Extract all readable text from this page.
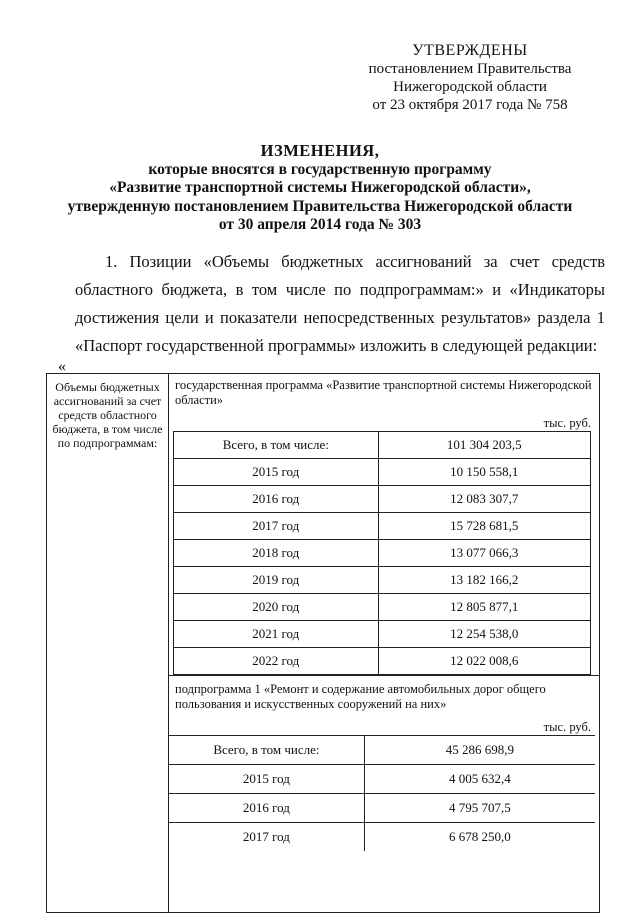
УТВЕРЖДЕНЫ
постановлением Правительства
Нижегородской области
от 23 октября 2017 года № 758
ИЗМЕНЕНИЯ,
которые вносятся в государственную программу
«Развитие транспортной системы Нижегородской области»,
утвержденную постановлением Правительства Нижегородской области
от 30 апреля 2014 года № 303

1. Позиции «Объемы бюджетных ассигнований за счет средств областного бюджета, в том числе по подпрограммам:» и «Индикаторы достижения цели и показатели непосредственных результатов» раздела 1 «Паспорт государственной программы» изложить в следующей редакции:

«
Объемы бюджетных ассигнований за счет средств областного бюджета, в том числе по подпрограммам:
государственная программа «Развитие транспортной системы Нижегородской области»
тыс. руб.
Всего, в том числе:	101 304 203,5
2015 год	10 150 558,1
2016 год	12 083 307,7
2017 год	15 728 681,5
2018 год	13 077 066,3
2019 год	13 182 166,2
2020 год	12 805 877,1
2021 год	12 254 538,0
2022 год	12 022 008,6
подпрограмма 1 «Ремонт и содержание автомобильных дорог общего пользования и искусственных сооружений на них»
тыс. руб.
Всего, в том числе:	45 286 698,9
2015 год	4 005 632,4
2016 год	4 795 707,5
2017 год	6 678 250,0
